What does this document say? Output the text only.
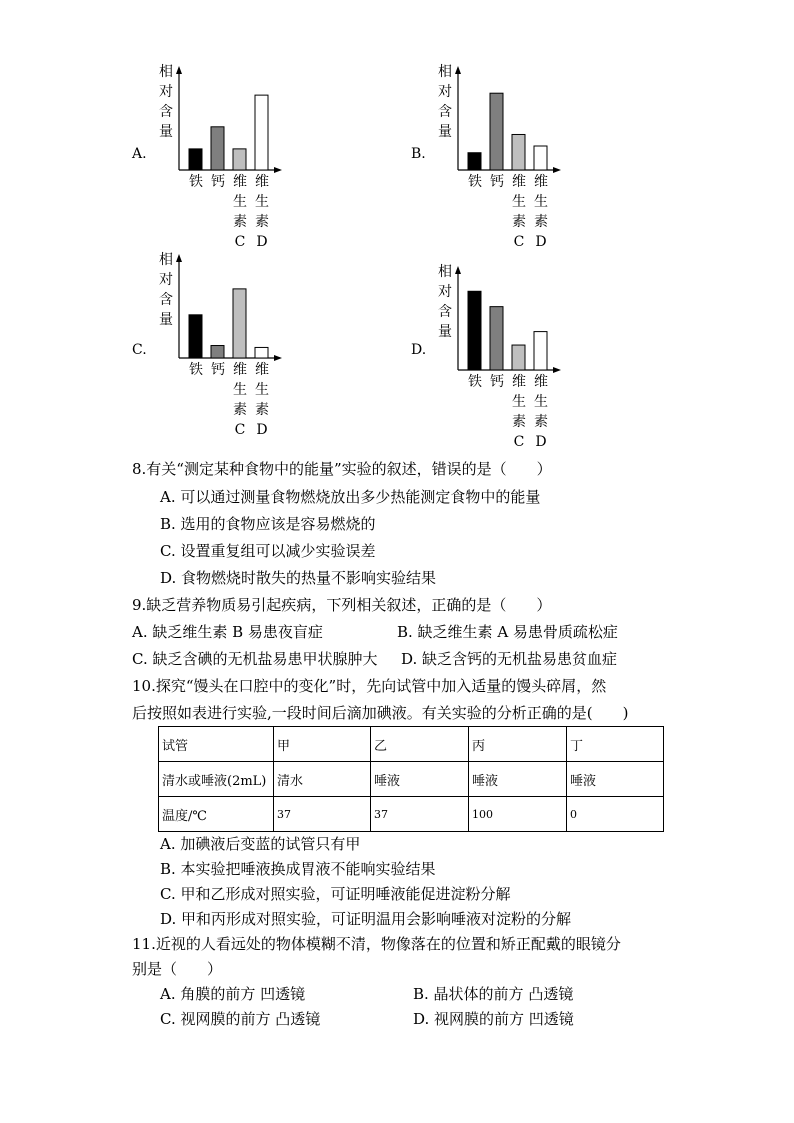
A.
相
对
含
量
铁 钙 维
生
素
C
维
生
素
D
B.
相
对
含
量
铁 钙 维
生
素
C
维
生
素
D
C.
相
对
含
量
铁 钙 维
生
素
C
维
生
素
D
D.
相
对
含
量
铁 钙 维
生
素
C
维
生
素
D
8.有关“测定某种食物中的能量”实验的叙述，错误的是（　　）
A. 可以通过测量食物燃烧放出多少热能测定食物中的能量
B. 选用的食物应该是容易燃烧的
C. 设置重复组可以减少实验误差
D. 食物燃烧时散失的热量不影响实验结果
9.缺乏营养物质易引起疾病，下列相关叙述，正确的是（　　）
A. 缺乏维生素 B 易患夜盲症	B. 缺乏维生素 A 易患骨质疏松症
C. 缺乏含碘的无机盐易患甲状腺肿大 D. 缺乏含钙的无机盐易患贫血症
10.探究“馒头在口腔中的变化”时，先向试管中加入适量的馒头碎屑，然
后按照如表进行实验,一段时间后滴加碘液。有关实验的分析正确的是(　　)
试管	甲	乙	丙	丁
清水或唾液(2mL)	清水	唾液	唾液	唾液
温度/℃	37	37	100	0
A. 加碘液后变蓝的试管只有甲
B. 本实验把唾液换成胃液不能响实验结果
C. 甲和乙形成对照实验，可证明唾液能促进淀粉分解
D. 甲和丙形成对照实验，可证明温用会影响唾液对淀粉的分解
11.近视的人看远处的物体模糊不清，物像落在的位置和矫正配戴的眼镜分
别是（　　）
A. 角膜的前方 凹透镜	B. 晶状体的前方 凸透镜
C. 视网膜的前方 凸透镜	D. 视网膜的前方 凹透镜
